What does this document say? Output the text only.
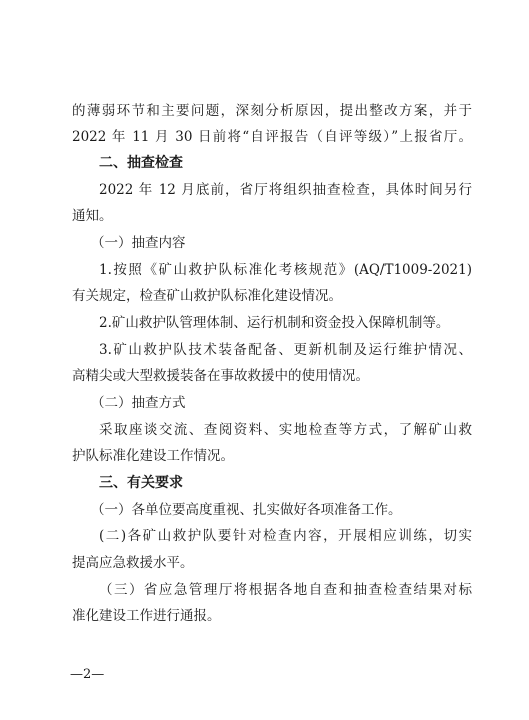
的薄弱环节和主要问题，深刻分析原因，提出整改方案，并于
2022 年 11 月 30 日前将“自评报告（自评等级）”上报省厅。
二、抽查检查
2022 年 12 月底前，省厅将组织抽查检查，具体时间另行
通知。
（一）抽查内容
1.按照《矿山救护队标准化考核规范》(AQ/T1009-2021)
有关规定，检查矿山救护队标准化建设情况。
2.矿山救护队管理体制、运行机制和资金投入保障机制等。
3.矿山救护队技术装备配备、更新机制及运行维护情况、
高精尖或大型救援装备在事故救援中的使用情况。
（二）抽查方式
采取座谈交流、查阅资料、实地检查等方式，了解矿山救
护队标准化建设工作情况。
三、有关要求
（一）各单位要高度重视、扎实做好各项准备工作。
(二)各矿山救护队要针对检查内容，开展相应训练，切实
提高应急救援水平。
（三）省应急管理厅将根据各地自查和抽查检查结果对标
准化建设工作进行通报。
—2—
